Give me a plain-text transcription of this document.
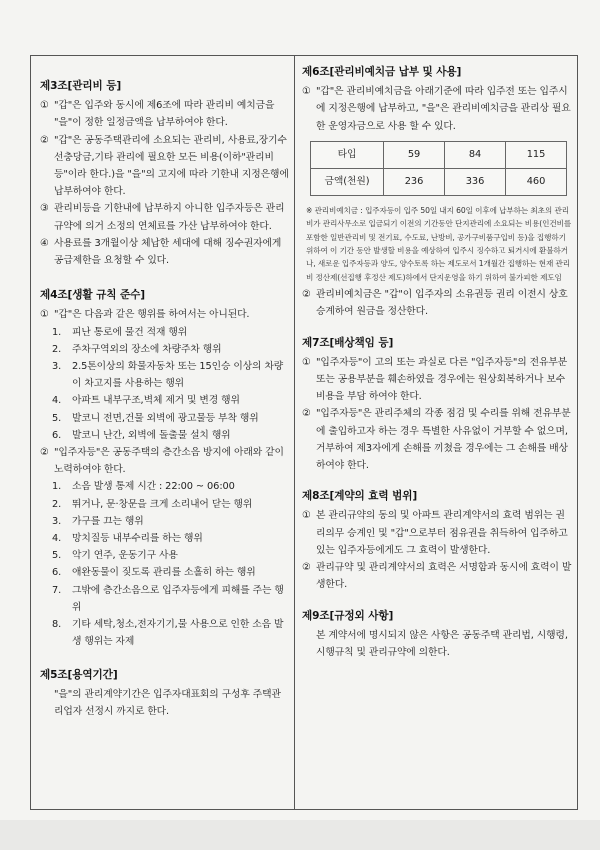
제3조[관리비 등]
① "갑"은 입주와 동시에 제6조에 따라 관리비 예치금을 "을"이 정한 일정금액을 납부하여야 한다.
② "갑"은 공동주택관리에 소요되는 관리비, 사용료,장기수선충당금,기타 관리에 필요한 모든 비용(이하"관리비등"이라 한다.)을 "을"의 고지에 따라 기한내 지정은행에 납부하여야 한다.
③ 관리비등을 기한내에 납부하지 아니한 입주자등은 관리규약에 의거 소정의 연체료를 가산 납부하여야 한다.
④ 사용료를 3개월이상 체납한 세대에 대해 징수권자에게 공급제한을 요청할 수 있다.
제4조[생활 규칙 준수]
① "갑"은 다음과 같은 행위를 하여서는 아니된다.
1. 피난 통로에 물건 적재 행위
2. 주차구역외의 장소에 차량주차 행위
3. 2.5톤이상의 화물자동차 또는 15인승 이상의 차량이 차고지를 사용하는 행위
4. 아파트 내부구조,벽체 제거 및 변경 행위
5. 발코니 전면,건물 외벽에 광고물등 부착 행위
6. 발코니 난간, 외벽에 돌출물 설치 행위
② "입주자등"은 공동주택의 층간소음 방지에 아래와 같이 노력하여야 한다.
1. 소음 발생 통제 시간 : 22:00 ~ 06:00
2. 뛰거나, 문·창문을 크게 소리내어 닫는 행위
3. 가구를 끄는 행위
4. 망치질등 내부수리를 하는 행위
5. 악기 연주, 운동기구 사용
6. 애완동물이 짖도록 관리를 소홀히 하는 행위
7. 그밖에 층간소음으로 입주자등에게 피해를 주는 행위
8. 기타 세탁,청소,전자기기,물 사용으로 인한 소음 발생 행위는 자제
제5조[용역기간]
"을"의 관리계약기간은 입주자대표회의 구성후 주택관리업자 선정시 까지로 한다.
제6조[관리비예치금 납부 및 사용]
① "갑"은 관리비예치금을 아래기준에 따라 입주전 또는 입주시에 지정은행에 납부하고, "을"은 관리비예치금을 관리상 필요한 운영자금으로 사용 할 수 있다.
타입	59	84	115
금액(천원)	236	336	460
※ 관리비예치금 : 입주자등이 입주 50일 내지 60일 이후에 납부하는 최초의 관리비가 관리사무소로 입금되기 이전의 기간동안 단지관리에 소요되는 비용(인건비를 포함한 일반관리비 및 전기료, 수도료, 난방비, 공가구비품구입비 등)을 집행하기 위하여 이 기간 동안 발생할 비용을 예상하여 입주시 징수하고 퇴거시에 환불하거나, 새로운 입주자등과 양도, 양수토록 하는 제도로서 1개월간 집행하는 현재 관리비 정산제(선집행 후정산 제도)하에서 단지운영을 하기 위하여 불가피한 제도임
② 관리비예치금은 "갑"이 입주자의 소유권등 권리 이전시 상호승계하여 원금을 정산한다.
제7조[배상책임 등]
① "입주자등"이 고의 또는 과실로 다른 "입주자등"의 전유부분 또는 공용부분을 훼손하였을 경우에는 원상회복하거나 보수비용을 부담 하여야 한다.
② "입주자등"은 관리주체의 각종 점검 및 수리를 위해 전유부분에 출입하고자 하는 경우 특별한 사유없이 거부할 수 없으며, 거부하여 제3자에게 손해를 끼쳤을 경우에는 그 손해를 배상하여야 한다.
제8조[계약의 효력 범위]
① 본 관리규약의 동의 및 아파트 관리계약서의 효력 범위는 권리의무 승계인 및 "갑"으로부터 점유권을 취득하여 입주하고 있는 입주자등에게도 그 효력이 발생한다.
② 관리규약 및 관리계약서의 효력은 서명함과 동시에 효력이 발생한다.
제9조[규정외 사항]
본 계약서에 명시되지 않은 사항은 공동주택 관리법, 시행령, 시행규칙 및 관리규약에 의한다.
